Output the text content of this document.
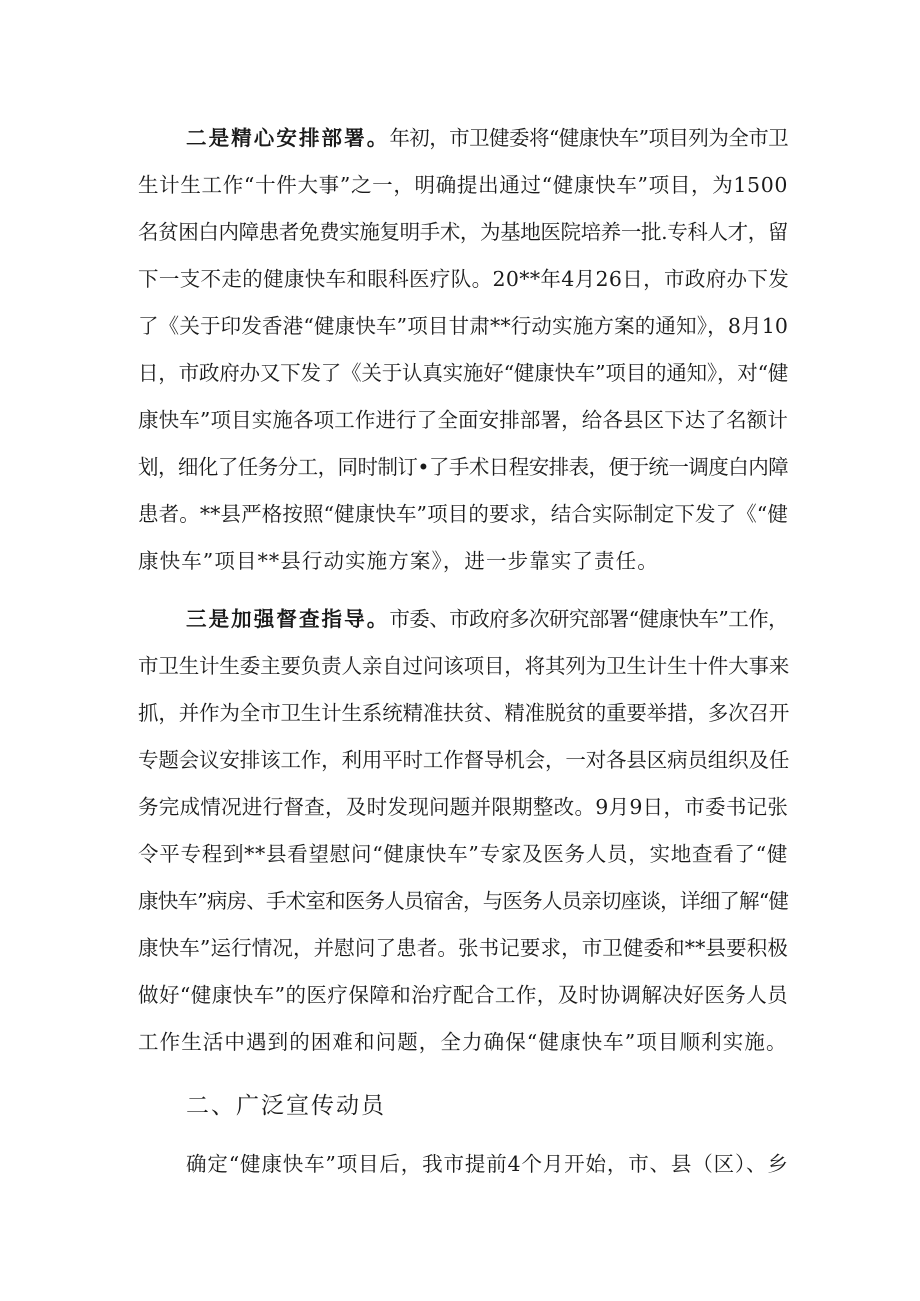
二是精心安排部署。年初，市卫健委将“健康快车”项目列为全市卫
生计生工作“十件大事”之一，明确提出通过“健康快车”项目，为1500
名贫困白内障患者免费实施复明手术，为基地医院培养一批.专科人才，留
下一支不走的健康快车和眼科医疗队。20**年4月26日，市政府办下发
了《关于印发香港“健康快车”项目甘肃**行动实施方案的通知》，8月10
日，市政府办又下发了《关于认真实施好“健康快车”项目的通知》，对“健
康快车”项目实施各项工作进行了全面安排部署，给各县区下达了名额计
划，细化了任务分工，同时制订•了手术日程安排表，便于统一调度白内障
患者。**县严格按照“健康快车”项目的要求，结合实际制定下发了《“健
康快车”项目**县行动实施方案》，进一步靠实了责任。
三是加强督查指导。市委、市政府多次研究部署“健康快车”工作，
市卫生计生委主要负责人亲自过问该项目，将其列为卫生计生十件大事来
抓，并作为全市卫生计生系统精准扶贫、精准脱贫的重要举措，多次召开
专题会议安排该工作，利用平时工作督导机会，一对各县区病员组织及任
务完成情况进行督查，及时发现问题并限期整改。9月9日，市委书记张
令平专程到**县看望慰问“健康快车”专家及医务人员，实地查看了“健
康快车”病房、手术室和医务人员宿舍，与医务人员亲切座谈，详细了解“健
康快车”运行情况，并慰问了患者。张书记要求，市卫健委和**县要积极
做好“健康快车”的医疗保障和治疗配合工作，及时协调解决好医务人员
工作生活中遇到的困难和问题，全力确保“健康快车”项目顺利实施。
二、广泛宣传动员
确定“健康快车”项目后，我市提前4个月开始，市、县（区）、乡
